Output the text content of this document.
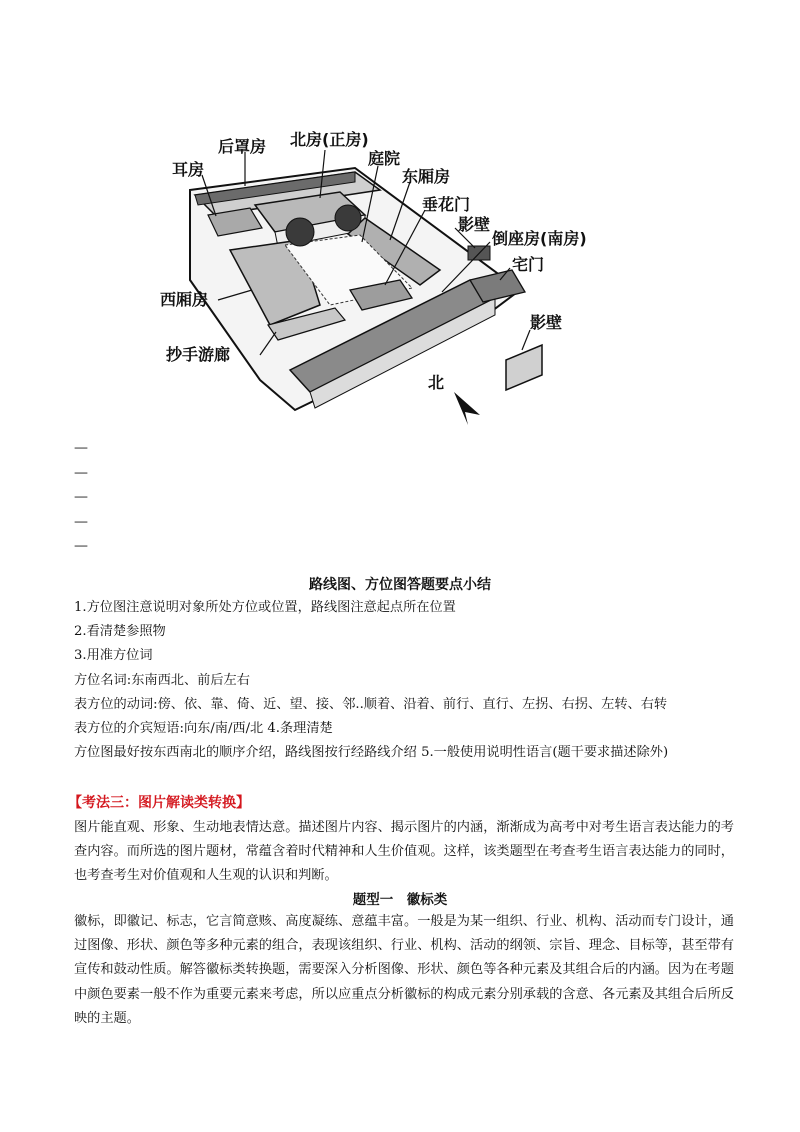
后罩房 北房(正房)
耳房
庭院
东厢房
垂花门
影壁
倒座房(南房)
宅门
西厢房
抄手游廊
影壁
北
—
—
—
—
—
路线图、方位图答题要点小结
1.方位图注意说明对象所处方位或位置，路线图注意起点所在位置
2.看清楚参照物
3.用准方位词
方位名词:东南西北、前后左右
表方位的动词:傍、依、靠、倚、近、望、接、邻..顺着、沿着、前行、直行、左拐、右拐、左转、右转
表方位的介宾短语:向东/南/西/北 4.条理清楚
方位图最好按东西南北的顺序介绍，路线图按行经路线介绍 5.一般使用说明性语言(题干要求描述除外)
【考法三：图片解读类转换】
图片能直观、形象、生动地表情达意。描述图片内容、揭示图片的内涵，渐渐成为高考中对考生语言表达能力的考查内容。而所选的图片题材，常蕴含着时代精神和人生价值观。这样，该类题型在考查考生语言表达能力的同时，也考查考生对价值观和人生观的认识和判断。
题型一　徽标类
徽标，即徽记、标志，它言简意赅、高度凝练、意蕴丰富。一般是为某一组织、行业、机构、活动而专门设计，通过图像、形状、颜色等多种元素的组合，表现该组织、行业、机构、活动的纲领、宗旨、理念、目标等，甚至带有宣传和鼓动性质。解答徽标类转换题，需要深入分析图像、形状、颜色等各种元素及其组合后的内涵。因为在考题中颜色要素一般不作为重要元素来考虑，所以应重点分析徽标的构成元素分别承载的含意、各元素及其组合后所反映的主题。
